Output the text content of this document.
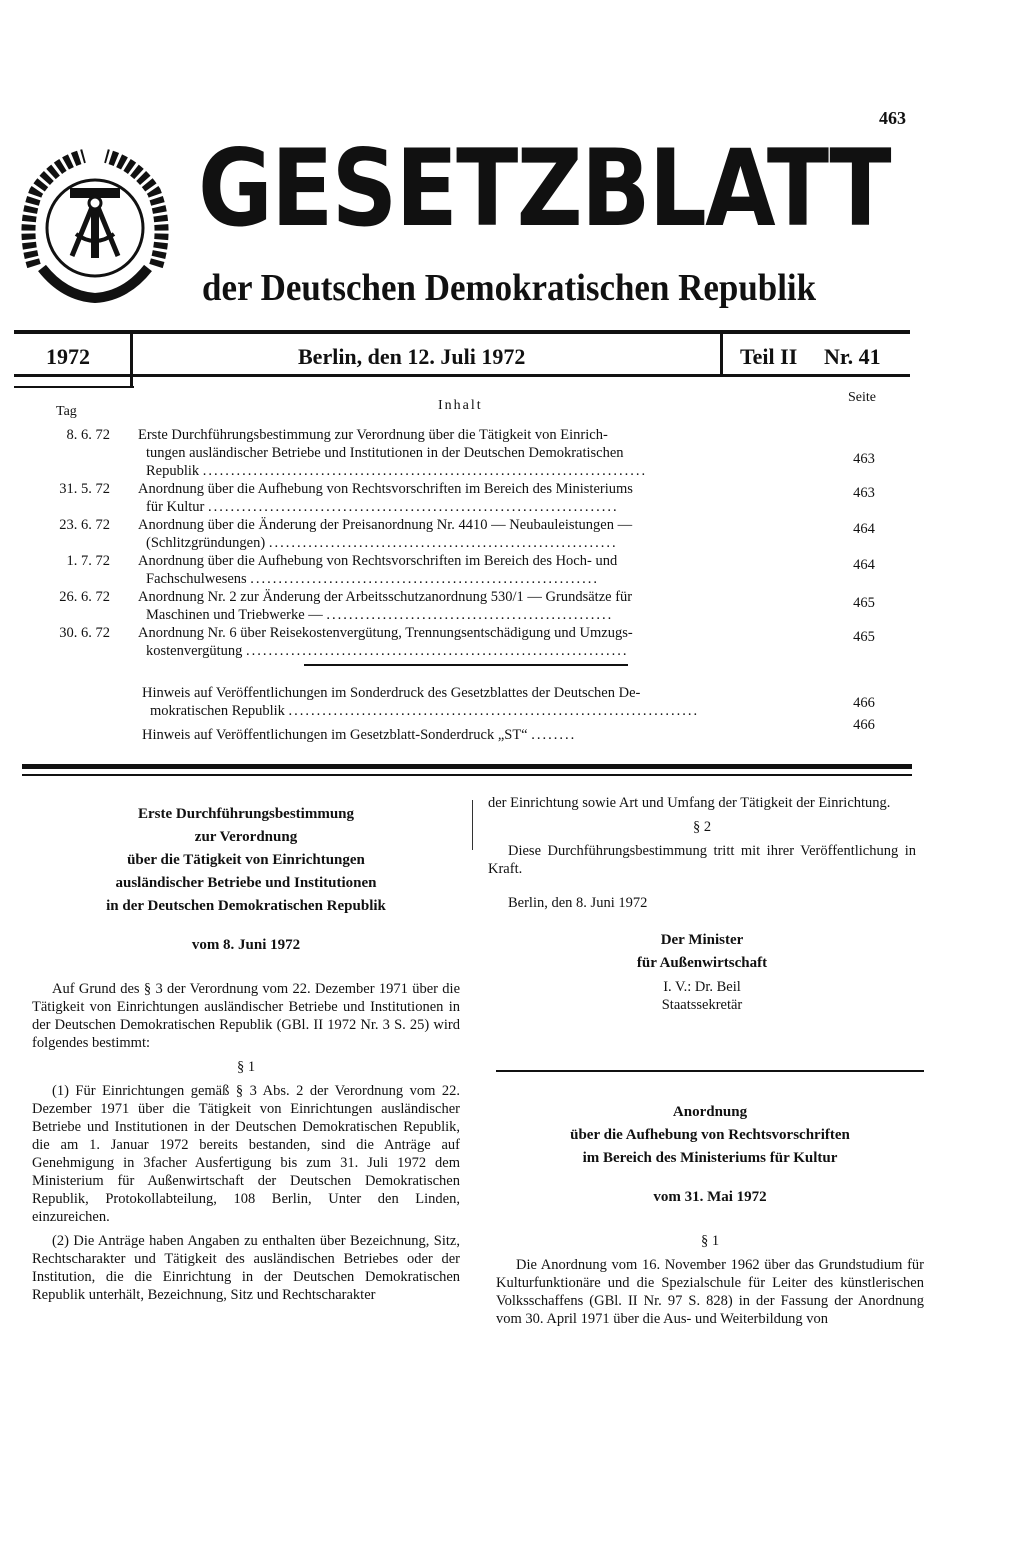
463
GESETZBLATT
der Deutschen Demokratischen Republik
1972	Berlin, den 12. Juli 1972	Teil II Nr. 41
Tag	Inhalt
Seite
8. 6. 72 Erste Durchführungsbestimmung zur Verordnung über die Tätigkeit von Einrich-
tungen ausländischer Betriebe und Institutionen in der Deutschen Demokratischen
Republik ...............................................................................
463
31. 5. 72 Anordnung über die Aufhebung von Rechtsvorschriften im Bereich des Ministeriums
für Kultur .........................................................................
463
23. 6. 72 Anordnung über die Änderung der Preisanordnung Nr. 4410 — Neubauleistungen —
(Schlitzgründungen) ..............................................................
464
1. 7. 72 Anordnung über die Aufhebung von Rechtsvorschriften im Bereich des Hoch- und
Fachschulwesens ..............................................................
464
26. 6. 72 Anordnung Nr. 2 zur Änderung der Arbeitsschutzanordnung 530/1 — Grundsätze für
Maschinen und Triebwerke — ...................................................
465
30. 6. 72 Anordnung Nr. 6 über Reisekostenvergütung, Trennungsentschädigung und Umzugs-
kostenvergütung ....................................................................
465
Hinweis auf Veröffentlichungen im Sonderdruck des Gesetzblattes der Deutschen De-
mokratischen Republik .........................................................................	466
Hinweis auf Veröffentlichungen im Gesetzblatt-Sonderdruck „ST“ ........
466

Erste Durchführungsbestimmung

zur Verordnung

über die Tätigkeit von Einrichtungen

ausländischer Betriebe und Institutionen

in der Deutschen Demokratischen Republik

vom 8. Juni 1972

Auf Grund des § 3 der Verordnung vom 22. Dezember 1971 über die Tätigkeit von Einrichtungen ausländischer Betriebe und Institutionen in der Deutschen Demokratischen Republik (GBl. II 1972 Nr. 3 S. 25) wird folgendes bestimmt:

§ 1

(1) Für Einrichtungen gemäß § 3 Abs. 2 der Verordnung vom 22. Dezember 1971 über die Tätigkeit von Einrichtungen ausländischer Betriebe und Institutionen in der Deutschen Demokratischen Republik, die am 1. Januar 1972 bereits bestanden, sind die Anträge auf Genehmigung in 3facher Ausfertigung bis zum 31. Juli 1972 dem Ministerium für Außenwirtschaft der Deutschen Demokratischen Republik, Protokollabteilung, 108 Berlin, Unter den Linden, einzureichen.

(2) Die Anträge haben Angaben zu enthalten über Bezeichnung, Sitz, Rechtscharakter und Tätigkeit des ausländischen Betriebes oder der Institution, die die Einrichtung in der Deutschen Demokratischen Republik unterhält, Bezeichnung, Sitz und Rechtscharakter

der Einrichtung sowie Art und Umfang der Tätigkeit der Einrichtung.

§ 2

Diese Durchführungsbestimmung tritt mit ihrer Veröffentlichung in Kraft.

Berlin, den 8. Juni 1972

Der Minister

für Außenwirtschaft

I. V.: Dr. Beil

Staatssekretär

Anordnung

über die Aufhebung von Rechtsvorschriften

im Bereich des Ministeriums für Kultur

vom 31. Mai 1972

§ 1

Die Anordnung vom 16. November 1962 über das Grundstudium für Kulturfunktionäre und die Spezialschule für Leiter des künstlerischen Volksschaffens (GBl. II Nr. 97 S. 828) in der Fassung der Anordnung vom 30. April 1971 über die Aus- und Weiterbildung von
